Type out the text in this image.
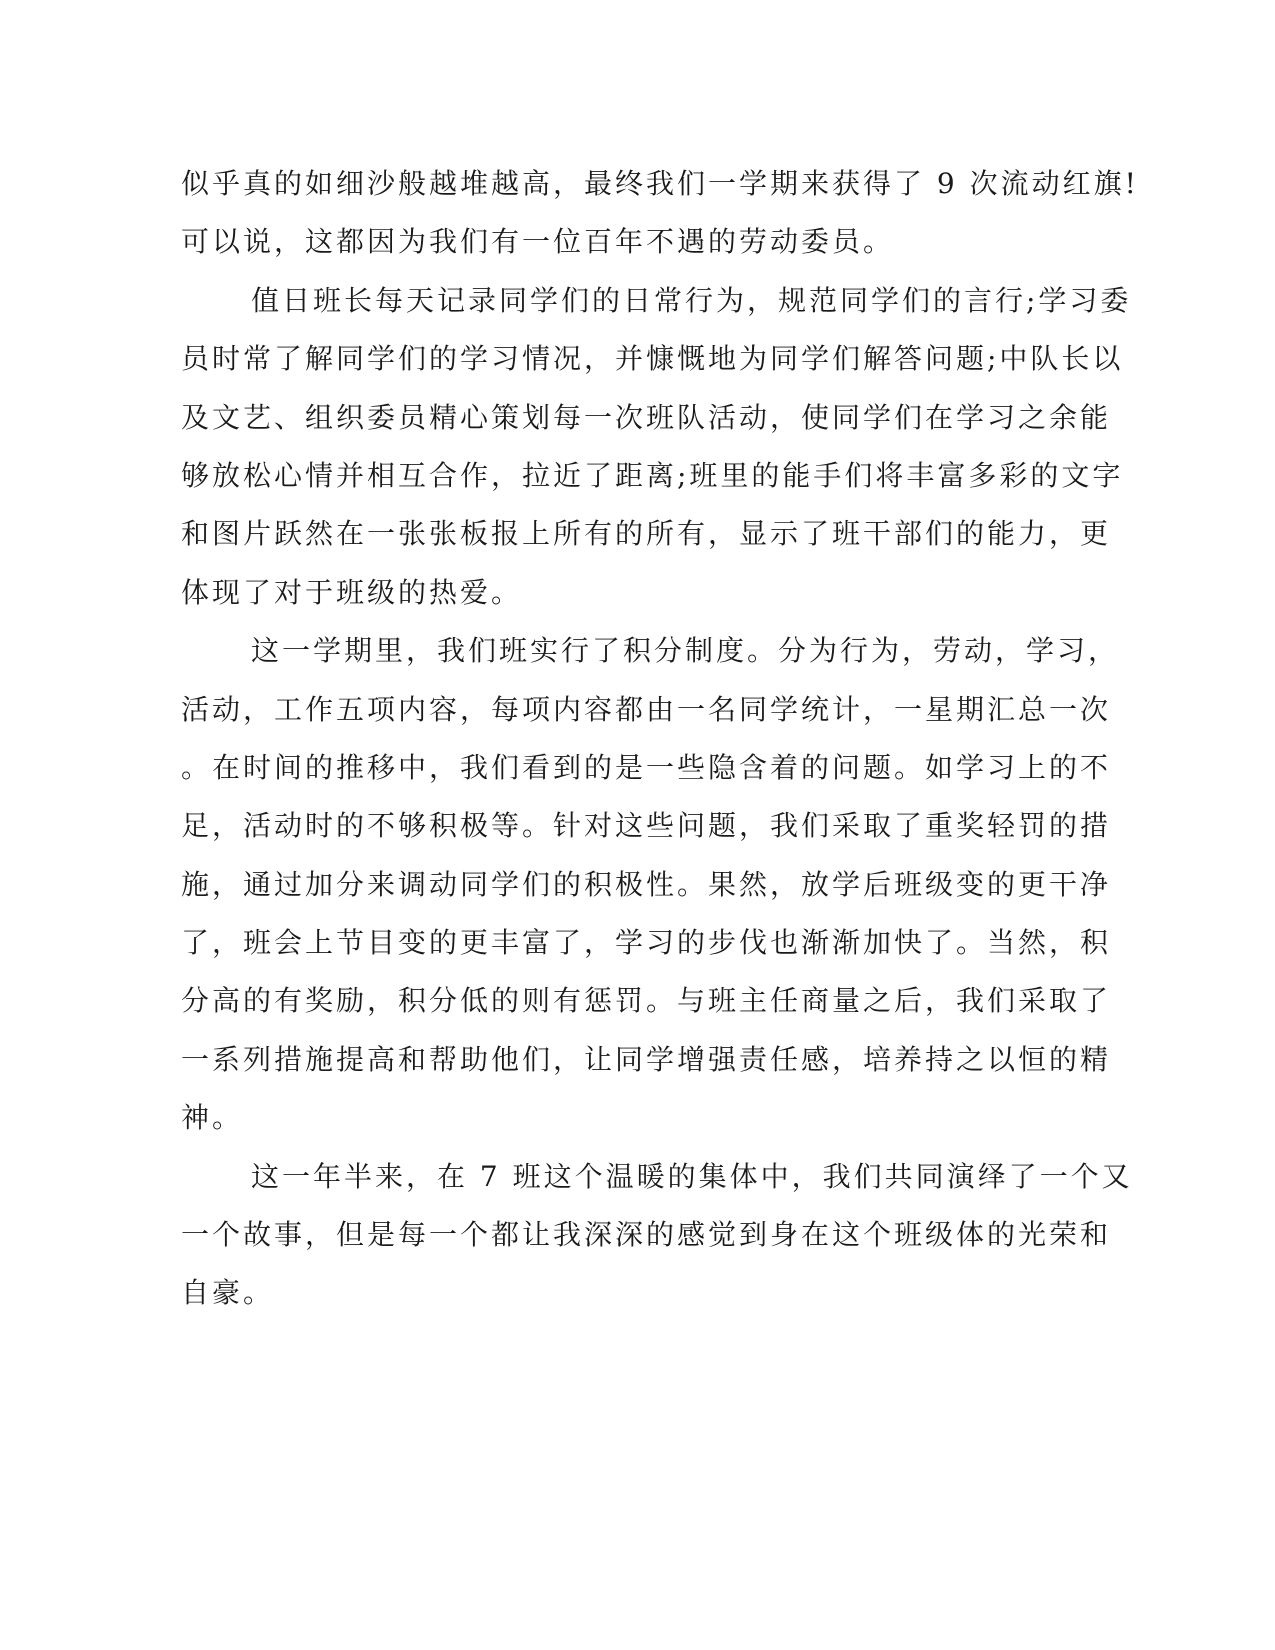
似乎真的如细沙般越堆越高，最终我们一学期来获得了 9 次流动红旗!
可以说，这都因为我们有一位百年不遇的劳动委员。
值日班长每天记录同学们的日常行为，规范同学们的言行;学习委
员时常了解同学们的学习情况，并慷慨地为同学们解答问题;中队长以
及文艺、组织委员精心策划每一次班队活动，使同学们在学习之余能
够放松心情并相互合作，拉近了距离;班里的能手们将丰富多彩的文字
和图片跃然在一张张板报上所有的所有，显示了班干部们的能力，更
体现了对于班级的热爱。
这一学期里，我们班实行了积分制度。分为行为，劳动，学习，
活动，工作五项内容，每项内容都由一名同学统计，一星期汇总一次
。在时间的推移中，我们看到的是一些隐含着的问题。如学习上的不
足，活动时的不够积极等。针对这些问题，我们采取了重奖轻罚的措
施，通过加分来调动同学们的积极性。果然，放学后班级变的更干净
了，班会上节目变的更丰富了，学习的步伐也渐渐加快了。当然，积
分高的有奖励，积分低的则有惩罚。与班主任商量之后，我们采取了
一系列措施提高和帮助他们，让同学增强责任感，培养持之以恒的精
神。
这一年半来，在 7 班这个温暖的集体中，我们共同演绎了一个又
一个故事，但是每一个都让我深深的感觉到身在这个班级体的光荣和
自豪。
